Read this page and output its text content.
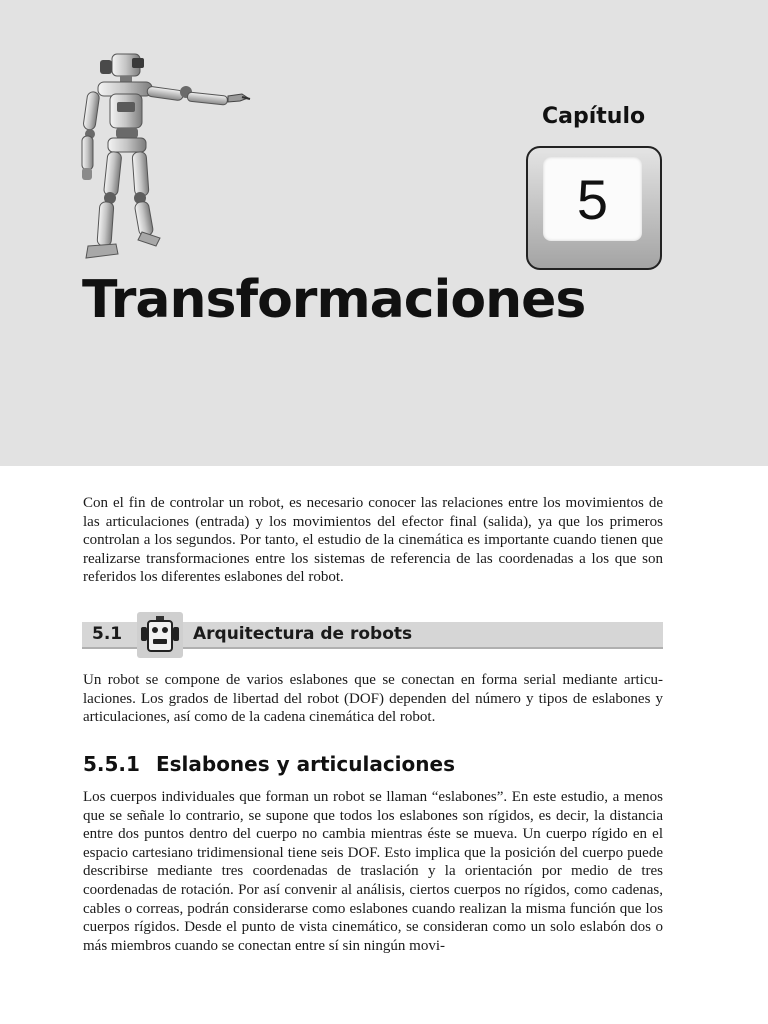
Capítulo
5
Transformaciones

Con el fin de controlar un robot, es necesario conocer las relaciones entre los movimientos de las articulaciones (entrada) y los movimientos del efector final (salida), ya que los primeros controlan a los segundos. Por tanto, el estudio de la cinemática es importante cuando tienen que realizarse transformaciones entre los sistemas de referencia de las coordenadas a los que son referidos los diferentes eslabones del robot.

5.1	Arquitectura de robots

Un robot se compone de varios eslabones que se conectan en forma serial mediante articulaciones. Los grados de libertad del robot (DOF) dependen del número y tipos de eslabones y articulaciones, así como de la cadena cinemática del robot.

5.5.1 Eslabones y articulaciones

Los cuerpos individuales que forman un robot se llaman “eslabones”. En este estudio, a menos que se señale lo contrario, se supone que todos los eslabones son rígidos, es decir, la distancia entre dos puntos dentro del cuerpo no cambia mientras éste se mueva. Un cuerpo rígido en el espacio cartesiano tridimensional tiene seis DOF. Esto implica que la posición del cuerpo puede describirse mediante tres coordenadas de traslación y la orientación por medio de tres coordenadas de rotación. Por así convenir al análisis, ciertos cuerpos no rígidos, como cadenas, cables o correas, podrán considerarse como eslabones cuando realizan la misma función que los cuerpos rígidos. Desde el punto de vista cinemático, se consideran como un solo eslabón dos o más miembros cuando se conectan entre sí sin ningún movi-
